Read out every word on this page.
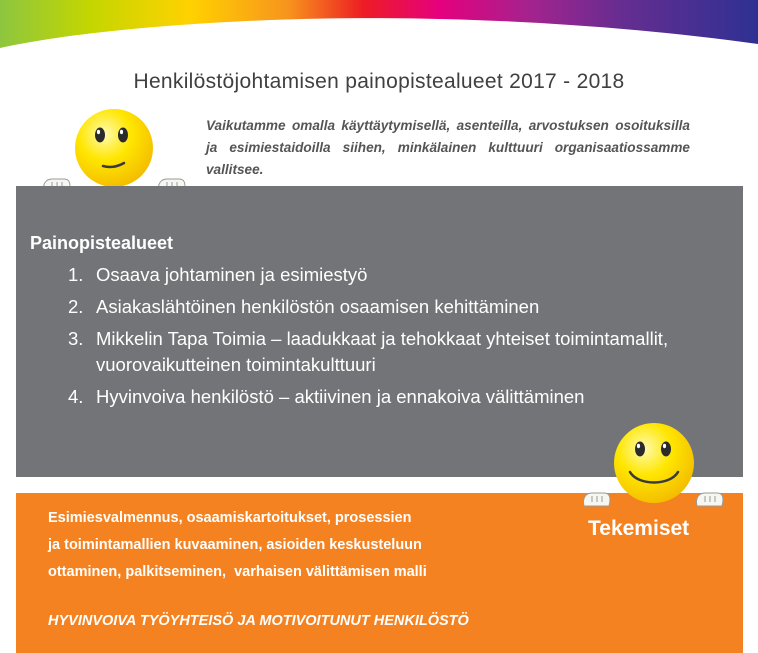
Henkilöstöjohtamisen painopistealueet 2017 - 2018
Vaikutamme omalla käyttäytymisellä, asenteilla, arvostuksen osoituksilla ja esimiestaidoilla siihen, minkälainen kulttuuri organisaatiossamme vallitsee.
Painopistealueet
1. Osaava johtaminen ja esimiestyö
2. Asiakaslähtöinen henkilöstön osaamisen kehittäminen
3. Mikkelin Tapa Toimia – laadukkaat ja tehokkaat yhteiset toimintamallit, vuorovaikutteinen toimintakulttuuri
4. Hyvinvoiva henkilöstö – aktiivinen ja ennakoiva välittäminen
Esimiesvalmennus, osaamiskartoitukset, prosessien
ja toimintamallien kuvaaminen, asioiden keskusteluun
ottaminen, palkitseminen,  varhaisen välittämisen malli
HYVINVOIVA TYÖYHTEISÖ JA MOTIVOITUNUT HENKILÖSTÖ
Tekemiset
